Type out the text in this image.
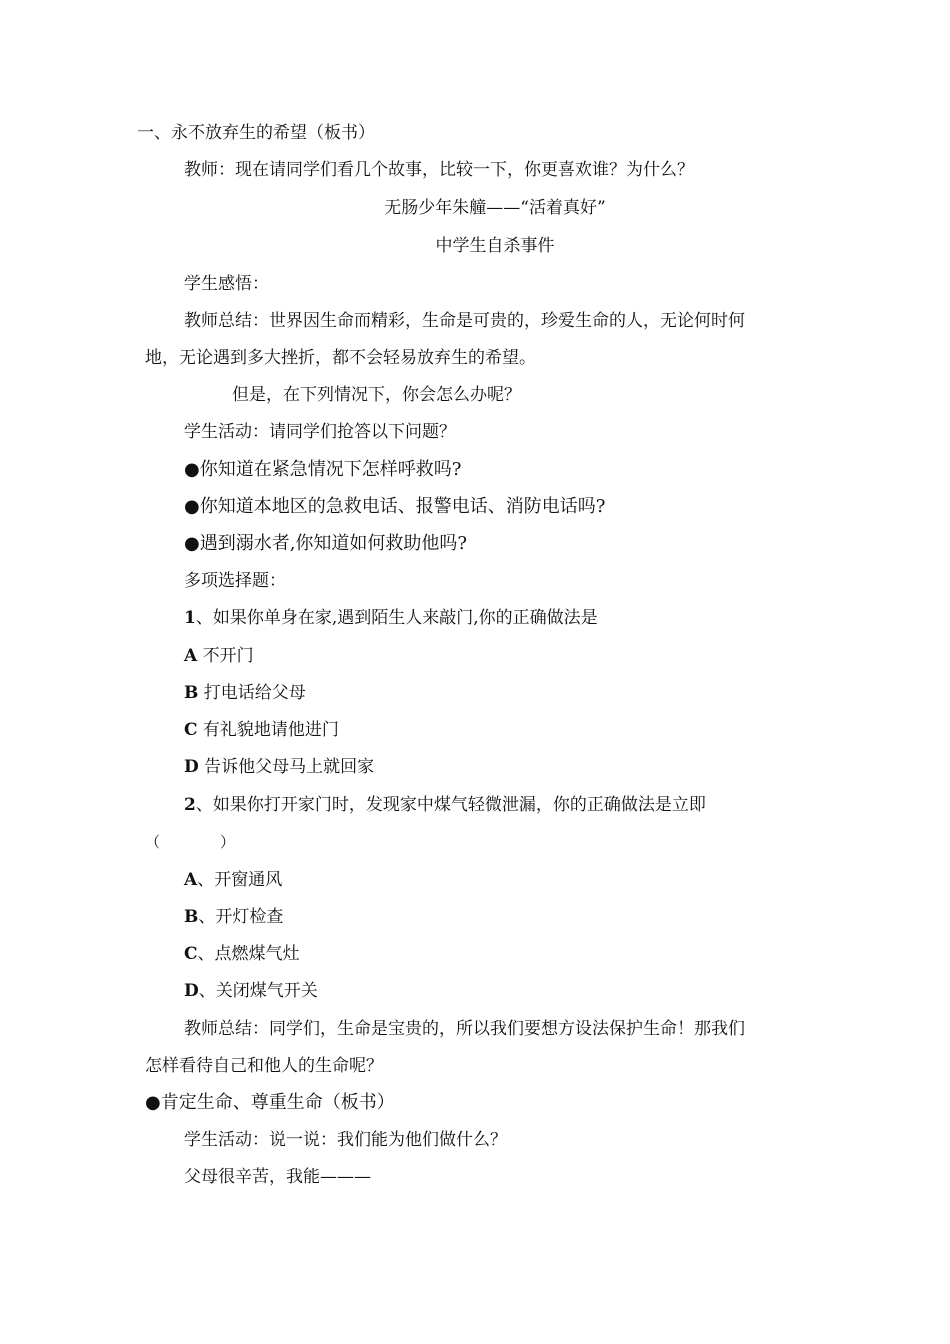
一、永不放弃生的希望（板书）
教师：现在请同学们看几个故事，比较一下，你更喜欢谁？为什么？
无肠少年朱艟——“活着真好”
中学生自杀事件
学生感悟：
教师总结：世界因生命而精彩，生命是可贵的，珍爱生命的人，无论何时何
地，无论遇到多大挫折，都不会轻易放弃生的希望。
但是，在下列情况下，你会怎么办呢？
学生活动：请同学们抢答以下问题？
●你知道在紧急情况下怎样呼救吗?
●你知道本地区的急救电话、报警电话、消防电话吗?
●遇到溺水者,你知道如何救助他吗?
多项选择题：
1、如果你单身在家,遇到陌生人来敲门,你的正确做法是
A 不开门
B 打电话给父母
C 有礼貌地请他进门
D 告诉他父母马上就回家
2、如果你打开家门时，发现家中煤气轻微泄漏，你的正确做法是立即
（　　　　）
A、开窗通风
B、开灯检查
C、点燃煤气灶
D、关闭煤气开关
教师总结：同学们，生命是宝贵的，所以我们要想方设法保护生命！那我们
怎样看待自己和他人的生命呢？
●肯定生命、尊重生命（板书）
学生活动：说一说：我们能为他们做什么？
父母很辛苦，我能———
